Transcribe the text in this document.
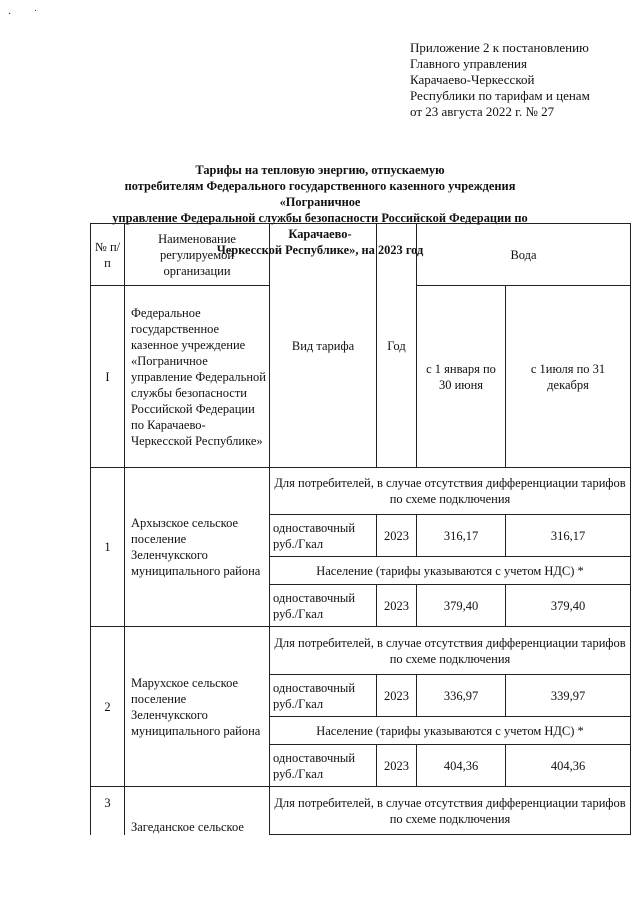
·         ˙
Приложение 2 к постановлению
Главного управления
Карачаево-Черкесской
Республики по тарифам и ценам
от 23 августа 2022 г. № 27
Тарифы на тепловую энергию, отпускаемую
потребителям Федерального государственного казенного учреждения «Пограничное
управление Федеральной службы безопасности Российской Федерации по Карачаево-
Черкесской Республике», на 2023 год
№ п/п	Наименование регулируемой организации	Вид тарифа	Год	Вода	
I	Федеральное государственное казенное учреждение «Пограничное управление Федеральной службы безопасности Российской Федерации по Карачаево-Черкесской Республике»			с 1 января по 30 июня	с 1июля по 31 декабря
1	Архызское сельское поселение Зеленчукского муниципального района	Для потребителей, в случае отсутствия дифференциации тарифов по схеме подключения			
		одноставочный руб./Гкал	2023	316,17	316,17
		Население (тарифы указываются с учетом НДС) *			
		одноставочный руб./Гкал	2023	379,40	379,40
2	Марухское сельское поселение Зеленчукского муниципального района	Для потребителей, в случае отсутствия дифференциации тарифов по схеме подключения			
		одноставочный руб./Гкал	2023	336,97	339,97
		Население (тарифы указываются с учетом НДС) *			
		одноставочный руб./Гкал	2023	404,36	404,36
3	Загеданское сельское	Для потребителей, в случае отсутствия дифференциации тарифов по схеме подключения			
